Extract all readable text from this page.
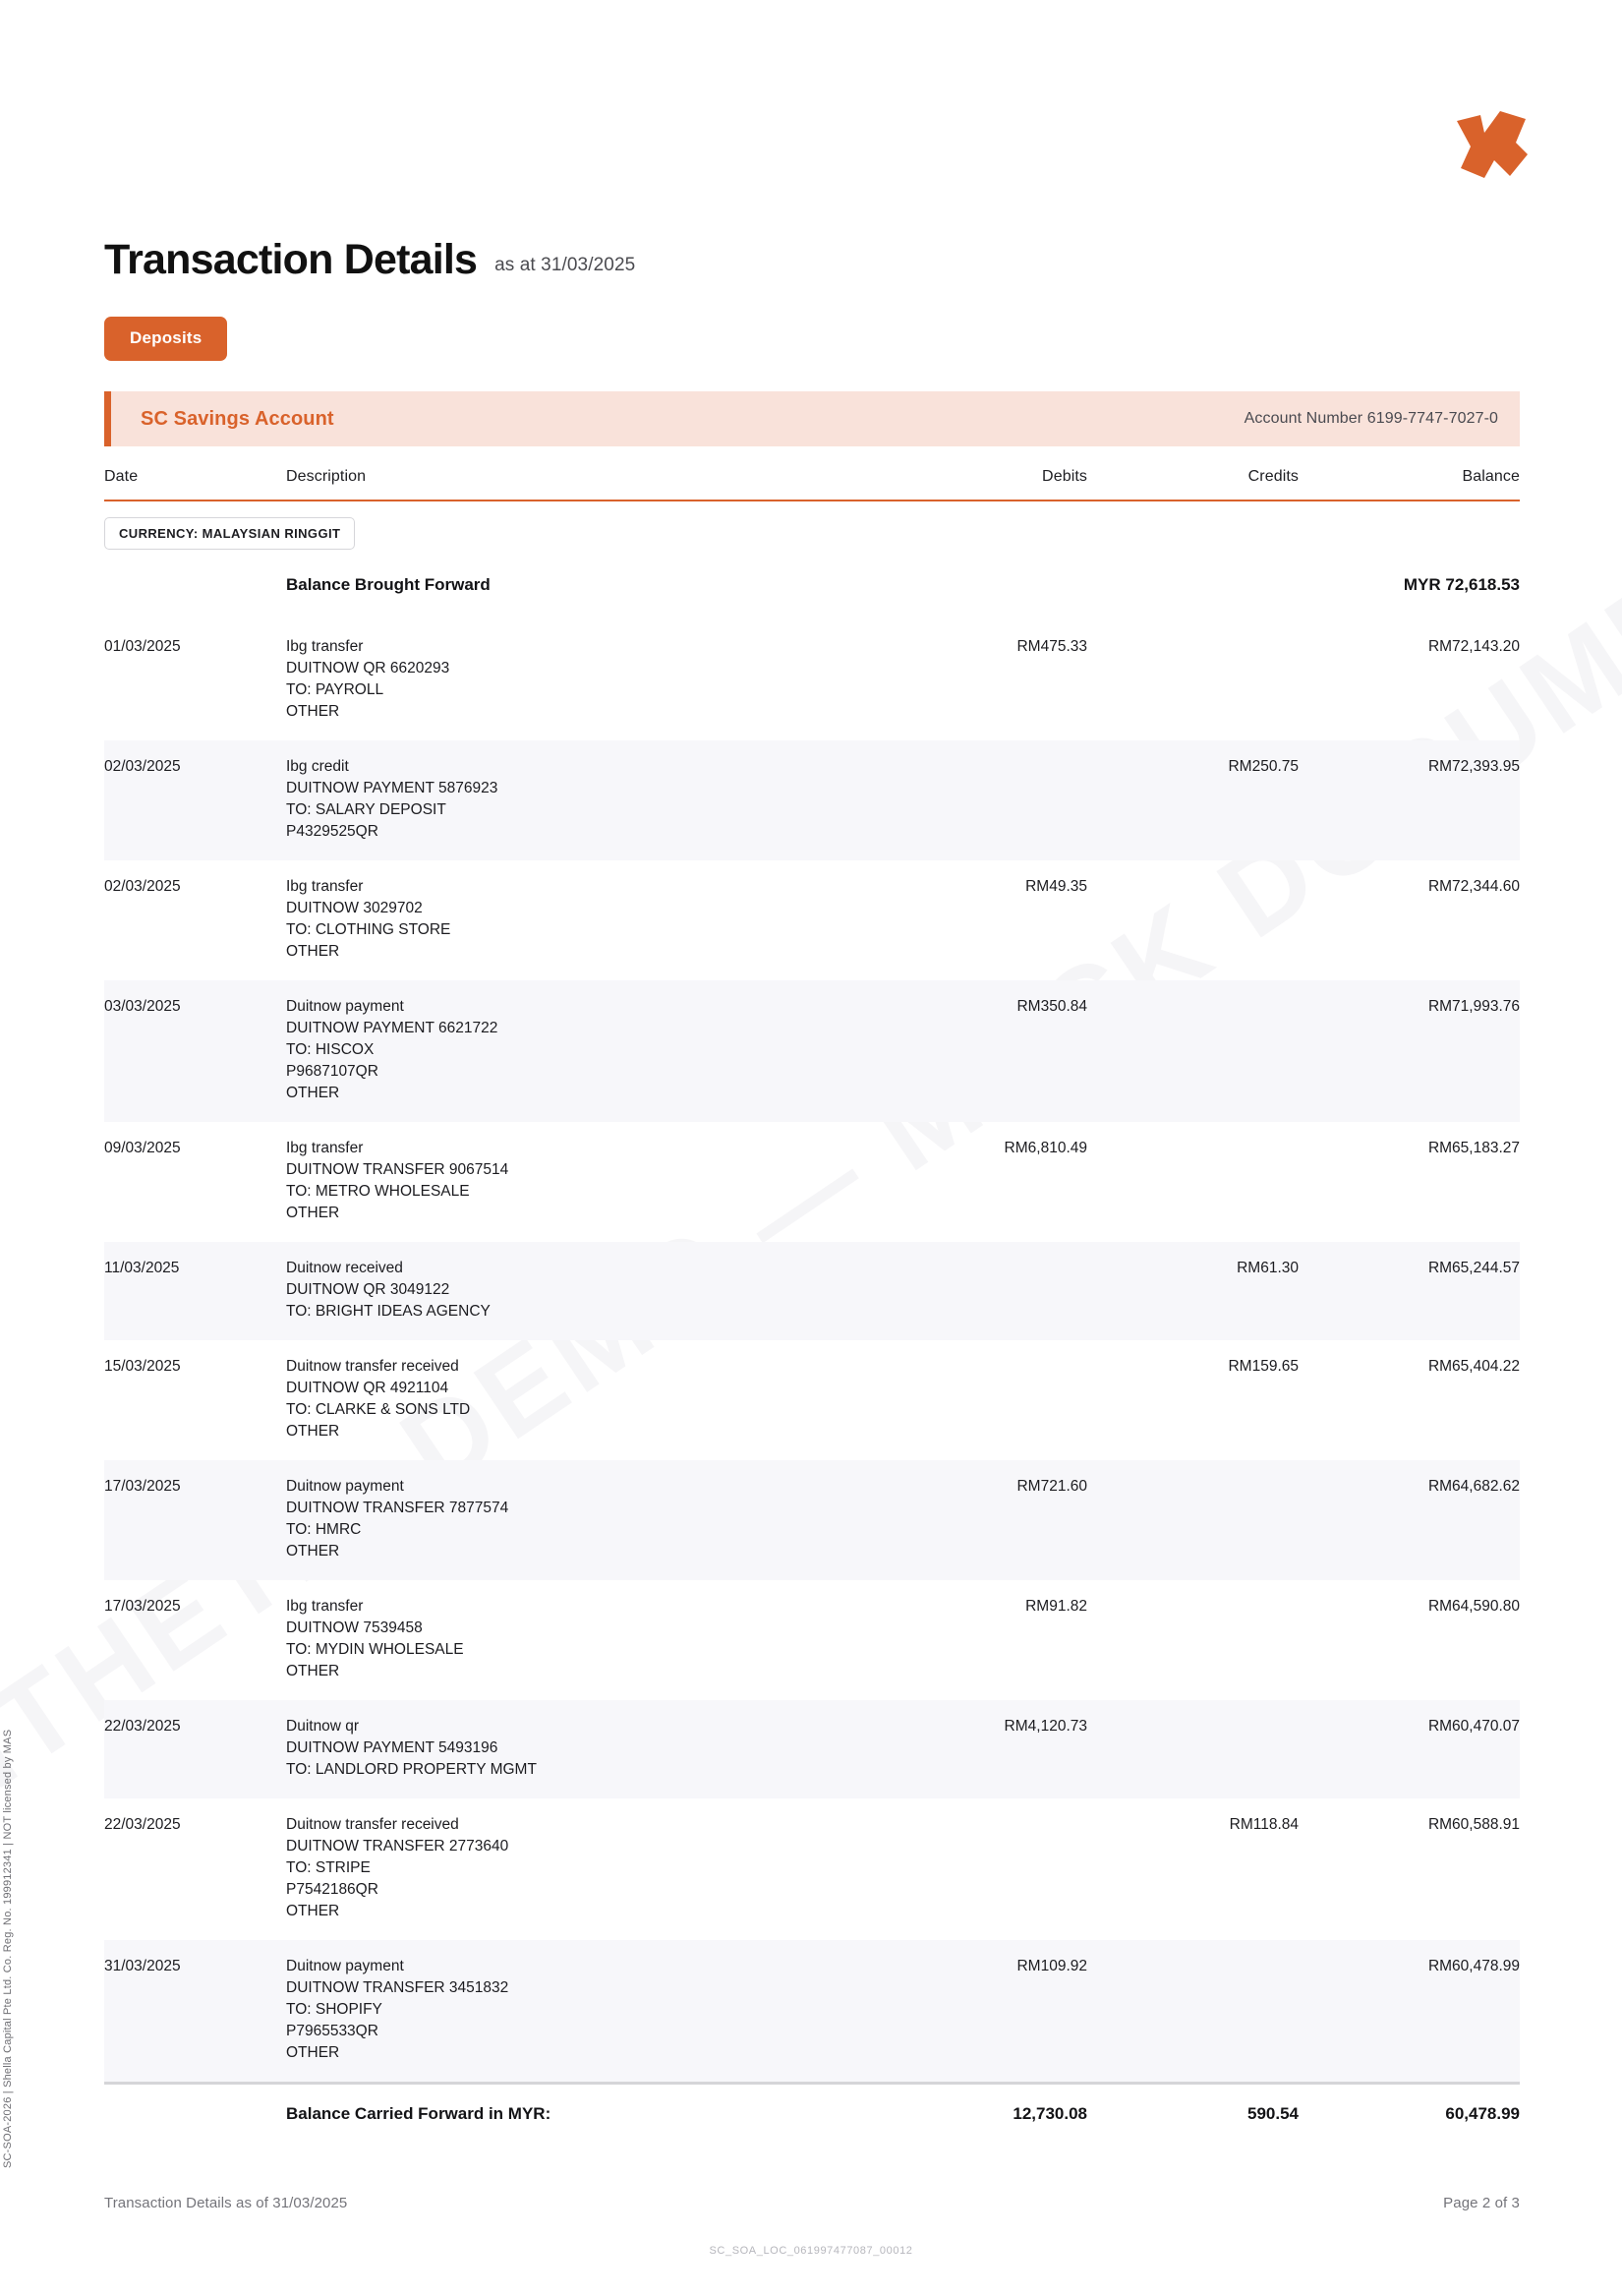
SC-SOA-2026 | Shella Capital Pte Ltd. Co. Reg. No. 199912341 | NOT licensed by MAS
Transaction Details as at 31/03/2025
Deposits
SC Savings Account	Account Number 6199-7747-7027-0
Date	Description	Debits	Credits	Balance

CURRENCY: MALAYSIAN RINGGIT				
	Balance Brought Forward			MYR 72,618.53
01/03/2025	Ibg transfer
DUITNOW QR 6620293
TO: PAYROLL
OTHER	RM475.33		RM72,143.20
02/03/2025	Ibg credit
DUITNOW PAYMENT 5876923
TO: SALARY DEPOSIT
P4329525QR		RM250.75	RM72,393.95
02/03/2025	Ibg transfer
DUITNOW 3029702
TO: CLOTHING STORE
OTHER	RM49.35		RM72,344.60
03/03/2025	Duitnow payment
DUITNOW PAYMENT 6621722
TO: HISCOX
P9687107QR
OTHER	RM350.84		RM71,993.76
09/03/2025	Ibg transfer
DUITNOW TRANSFER 9067514
TO: METRO WHOLESALE
OTHER	RM6,810.49		RM65,183.27
11/03/2025	Duitnow received
DUITNOW QR 3049122
TO: BRIGHT IDEAS AGENCY		RM61.30	RM65,244.57
15/03/2025	Duitnow transfer received
DUITNOW QR 4921104
TO: CLARKE & SONS LTD
OTHER		RM159.65	RM65,404.22
17/03/2025	Duitnow payment
DUITNOW TRANSFER 7877574
TO: HMRC
OTHER	RM721.60		RM64,682.62
17/03/2025	Ibg transfer
DUITNOW 7539458
TO: MYDIN WHOLESALE
OTHER	RM91.82		RM64,590.80
22/03/2025	Duitnow qr
DUITNOW PAYMENT 5493196
TO: LANDLORD PROPERTY MGMT	RM4,120.73		RM60,470.07
22/03/2025	Duitnow transfer received
DUITNOW TRANSFER 2773640
TO: STRIPE
P7542186QR
OTHER		RM118.84	RM60,588.91
31/03/2025	Duitnow payment
DUITNOW TRANSFER 3451832
TO: SHOPIFY
P7965533QR
OTHER	RM109.92		RM60,478.99

	Balance Carried Forward in MYR:	12,730.08	590.54	60,478.99
Transaction Details as of 31/03/2025	Page 2 of 3
SC_SOA_LOC_061997477087_00012
